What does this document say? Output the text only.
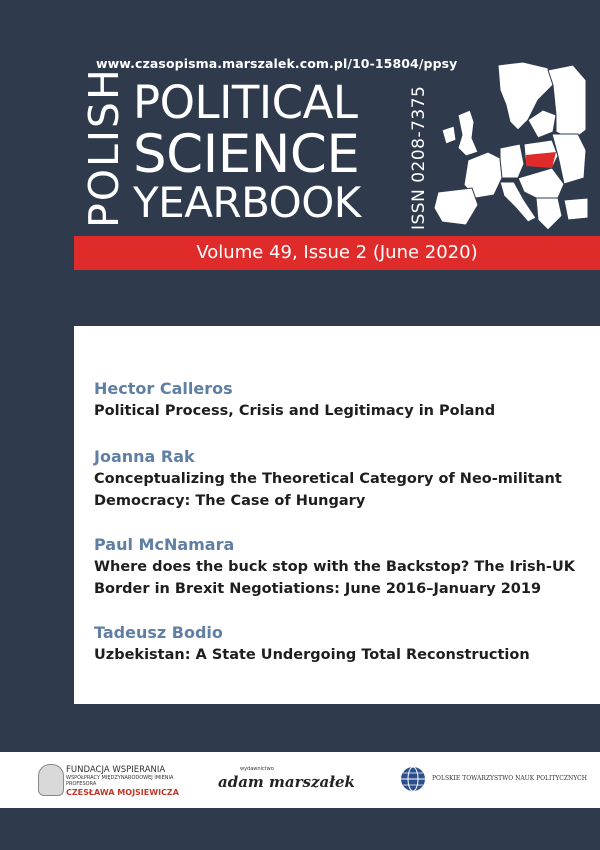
www.czasopisma.marszalek.com.pl/10-15804/ppsy
POLISH POLITICAL
SCIENCE
YEARBOOK	ISSN 0208-7375
Volume 49, Issue 2 (June 2020)
Hector Calleros
Political Process, Crisis and Legitimacy in Poland
Joanna Rak
Conceptualizing the Theoretical Category of Neo-militant
Democracy: The Case of Hungary
Paul McNamara
Where does the buck stop with the Backstop? The Irish-UK
Border in Brexit Negotiations: June 2016–January 2019
Tadeusz Bodio
Uzbekistan: A State Undergoing Total Reconstruction
FUNDACJA WSPIERANIA
WSPÓŁPRACY MIĘDZYNARODOWEJ IMIENIA PROFESORA
CZESŁAWA MOJSIEWICZA
wydawnictwo
adam marszałek	POLSKIE TOWARZYSTWO NAUK POLITYCZNYCH
